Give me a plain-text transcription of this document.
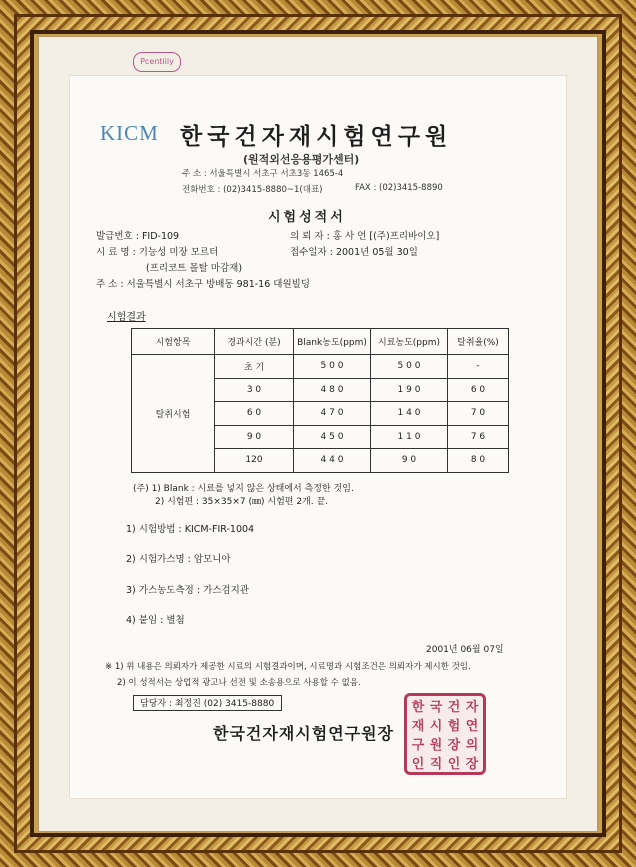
Pcentiily
KICM 한국건자재시험연구원
(원적외선응용평가센터)
주 소 : 서울특별시 서초구 서초3동 1465-4
전화번호 : (02)3415-8880~1(대표)	FAX : (02)3415-8890
시험성적서
발급번호 : FID-109	의 뢰 자 : 홍 사 언 [(주)프리바이오]
시 료 명 : 기능성 미장 모르터	접수일자 : 2001년 05월 30일
(프리코트 몰탈 마감재)
주 소 : 서울특별시 서초구 방배동 981-16 대원빌딩
시험결과
시험항목	경과시간 (분)	Blank농도(ppm)	시료농도(ppm)	탈취율(%)
탈취시험	초 기	5 0 0	5 0 0	-
	3 0	4 8 0	1 9 0	6 0
	6 0	4 7 0	1 4 0	7 0
	9 0	4 5 0	1 1 0	7 6
	120	4 4 0	9 0	8 0
(주) 1) Blank : 시료를 넣지 않은 상태에서 측정한 것임.
2) 시험편 : 35×35×7 (㎜) 시험편 2개. 끝.
1) 시험방법 : KICM-FIR-1004
2) 시험가스명 : 암모니아
3) 가스농도측정 : 가스검지관
4) 붙임 : 별첨
2001년 06월 07일
※ 1) 위 내용은 의뢰자가 제공한 시료의 시험결과이며, 시료명과 시험조건은 의뢰자가 제시한 것임.
2) 이 성적서는 상업적 광고나 선전 및 소송용으로 사용할 수 없음.
담당자 : 최정진 (02) 3415-8880
한국건자재시험연구원장
한 국 건 자
재 시 험 연
구 원 장 의
인 직 인 장
